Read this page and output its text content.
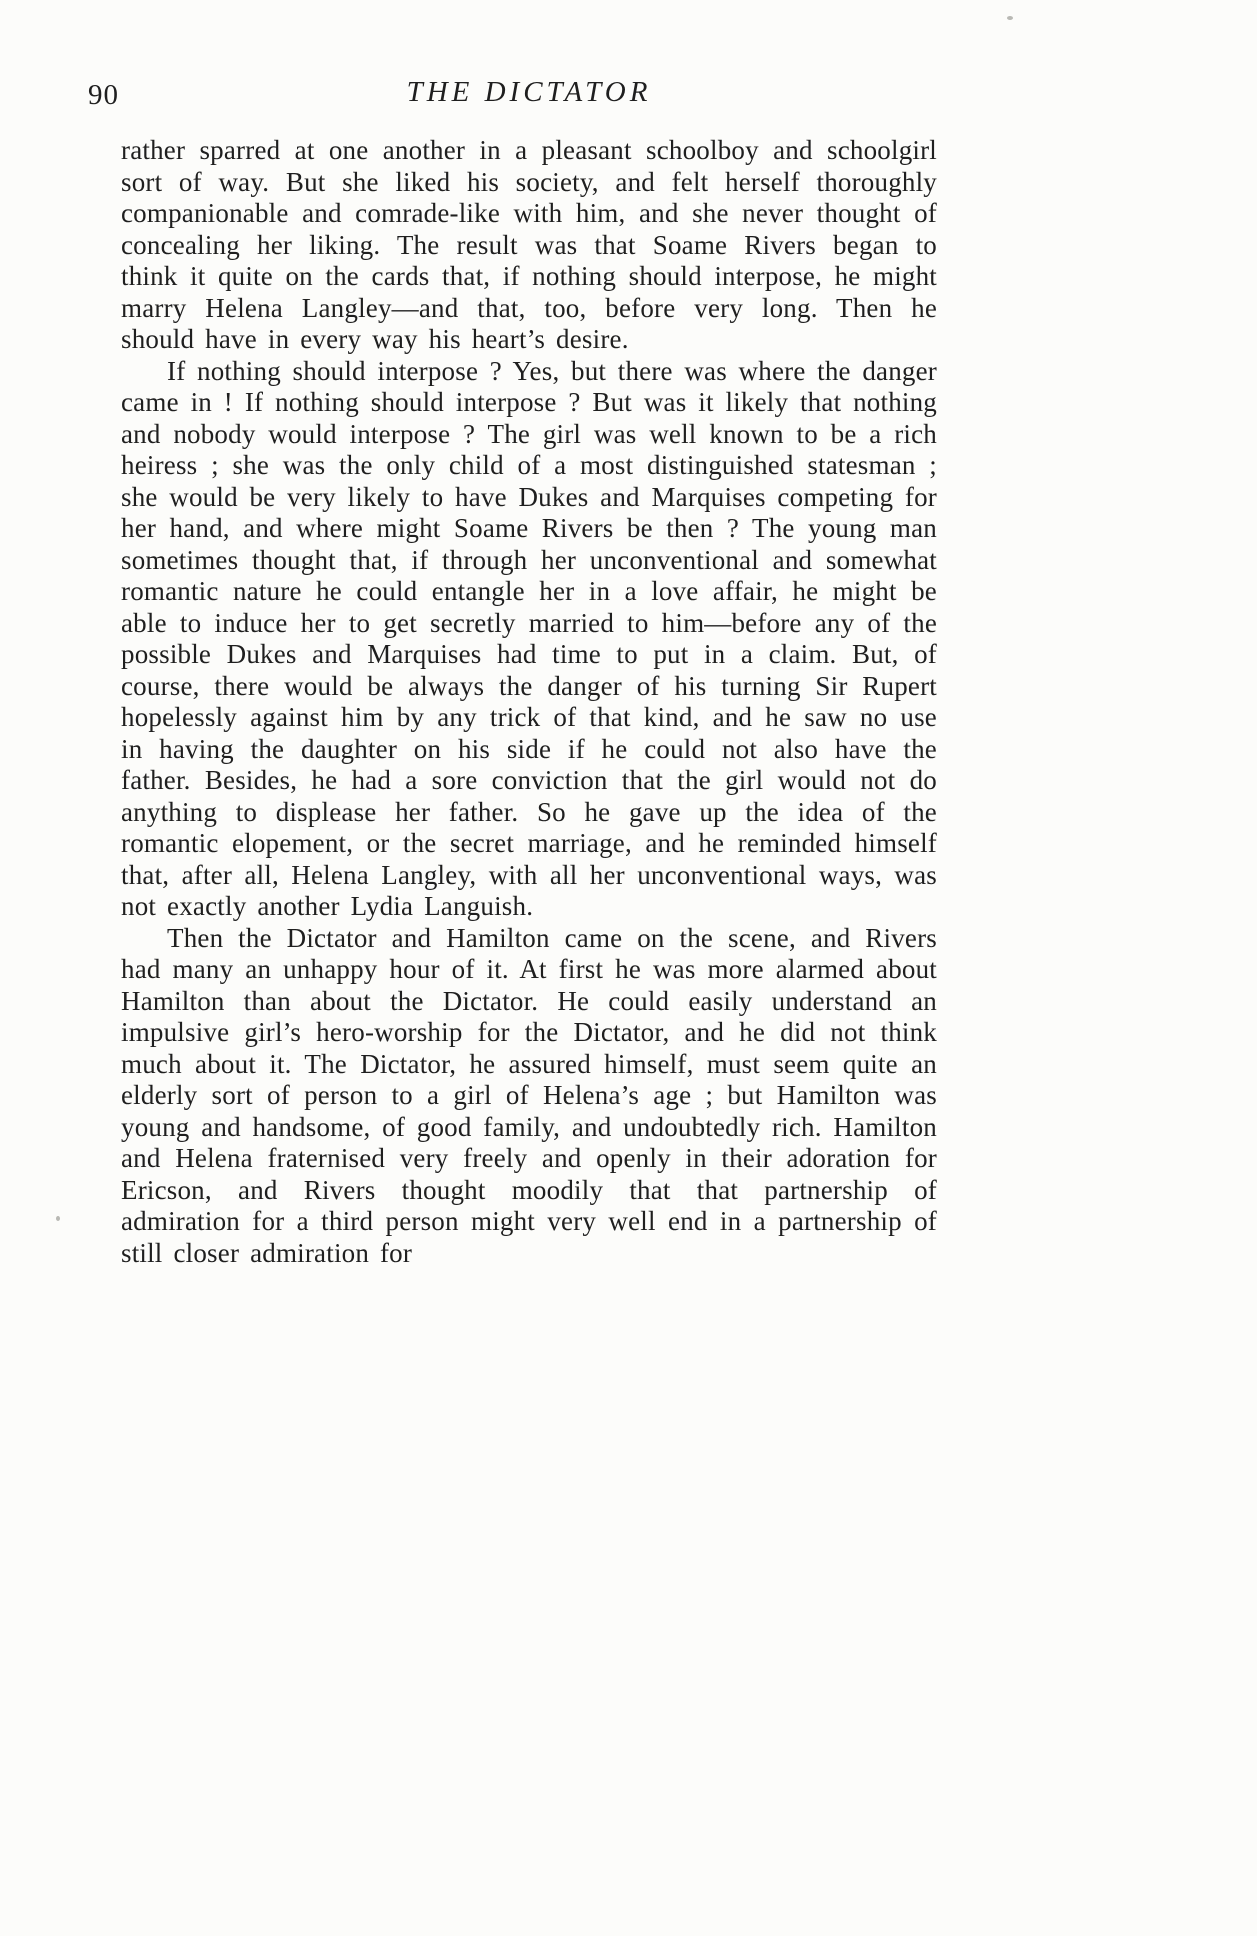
90	THE DICTATOR

rather sparred at one another in a pleasant schoolboy and schoolgirl sort of way. But she liked his society, and felt herself thoroughly companionable and comrade-like with him, and she never thought of concealing her liking. The result was that Soame Rivers began to think it quite on the cards that, if nothing should interpose, he might marry Helena Langley—and that, too, before very long. Then he should have in every way his heart’s desire.

If nothing should interpose ? Yes, but there was where the danger came in ! If nothing should interpose ? But was it likely that nothing and nobody would interpose ? The girl was well known to be a rich heiress ; she was the only child of a most distinguished statesman ; she would be very likely to have Dukes and Marquises competing for her hand, and where might Soame Rivers be then ? The young man sometimes thought that, if through her unconventional and somewhat romantic nature he could entangle her in a love affair, he might be able to induce her to get secretly married to him—before any of the possible Dukes and Marquises had time to put in a claim. But, of course, there would be always the danger of his turning Sir Rupert hopelessly against him by any trick of that kind, and he saw no use in having the daughter on his side if he could not also have the father. Besides, he had a sore conviction that the girl would not do anything to displease her father. So he gave up the idea of the romantic elopement, or the secret marriage, and he reminded himself that, after all, Helena Langley, with all her unconventional ways, was not exactly another Lydia Languish.

Then the Dictator and Hamilton came on the scene, and Rivers had many an unhappy hour of it. At first he was more alarmed about Hamilton than about the Dictator. He could easily understand an impulsive girl’s hero-worship for the Dictator, and he did not think much about it. The Dictator, he assured himself, must seem quite an elderly sort of person to a girl of Helena’s age ; but Hamilton was young and handsome, of good family, and undoubtedly rich. Hamilton and Helena fraternised very freely and openly in their adoration for Ericson, and Rivers thought moodily that that partnership of admiration for a third person might very well end in a partnership of still closer admiration for
